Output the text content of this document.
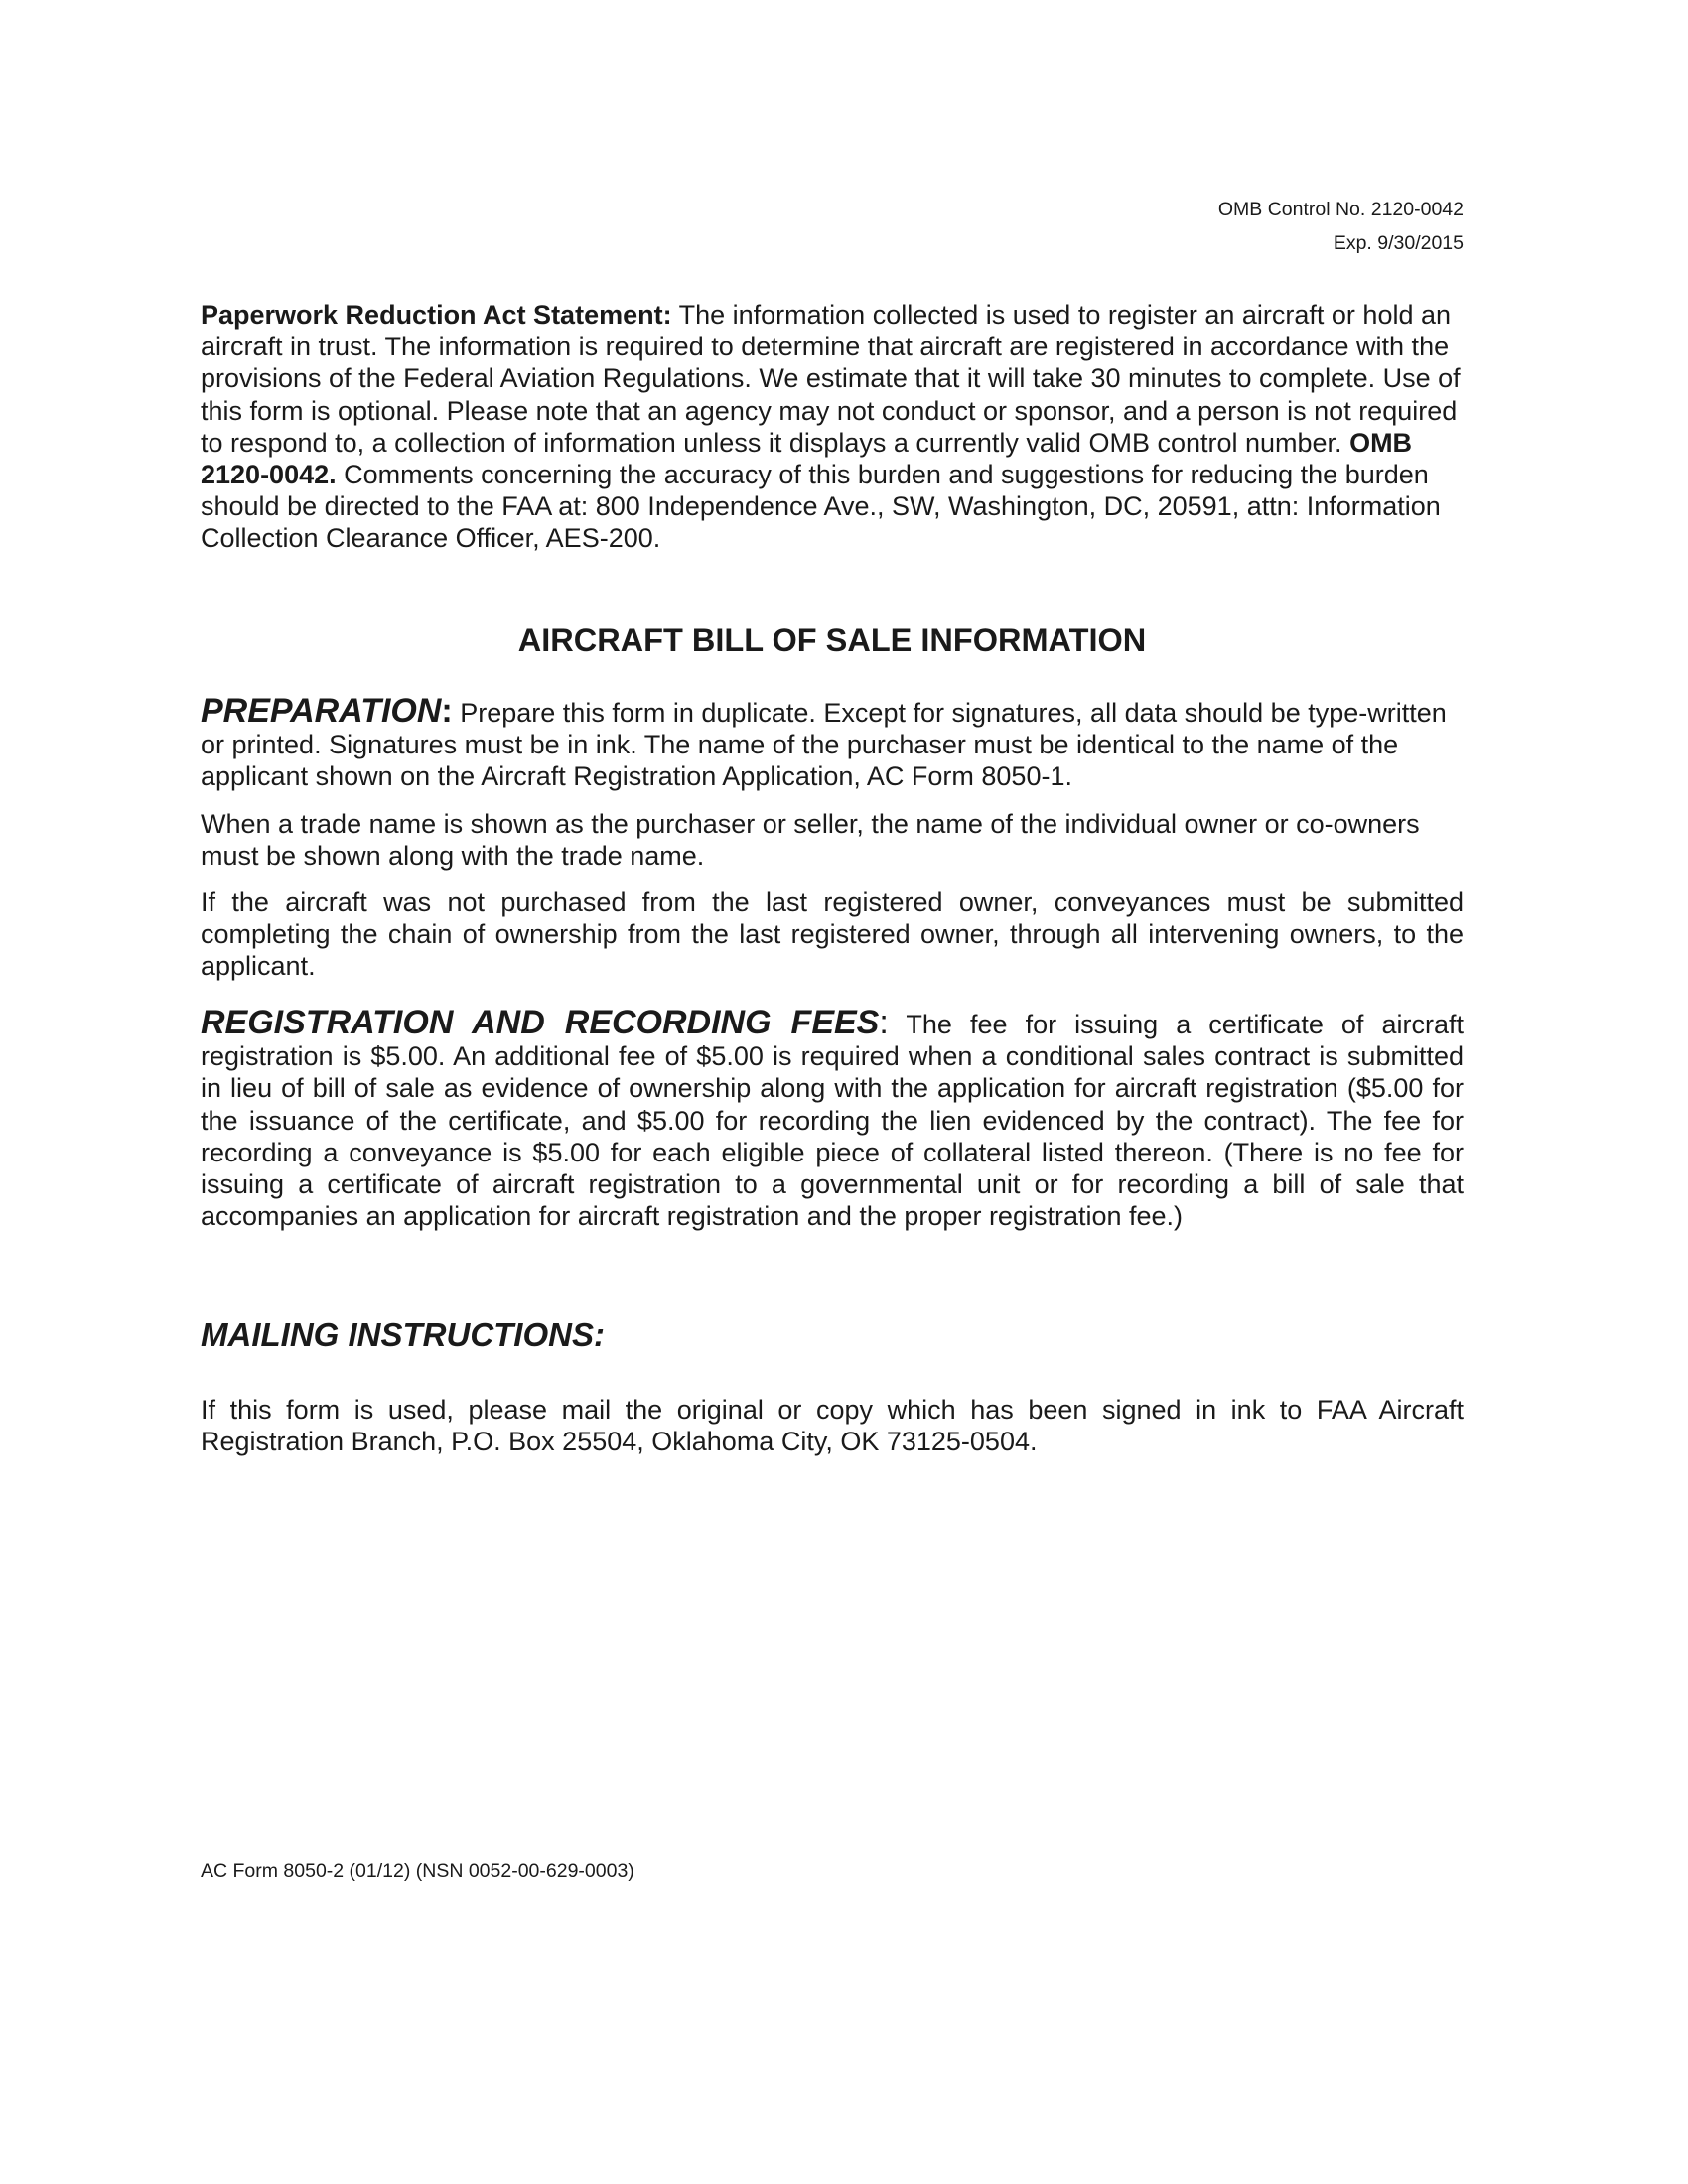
OMB Control No. 2120-0042
Exp. 9/30/2015

Paperwork Reduction Act Statement: The information collected is used to register an aircraft or hold an aircraft in trust. The information is required to determine that aircraft are registered in accordance with the provisions of the Federal Aviation Regulations. We estimate that it will take 30 minutes to complete. Use of this form is optional. Please note that an agency may not conduct or sponsor, and a person is not required to respond to, a collection of information unless it displays a currently valid OMB control number. OMB 2120-0042. Comments concerning the accuracy of this burden and suggestions for reducing the burden should be directed to the FAA at: 800 Independence Ave., SW, Washington, DC, 20591, attn: Information Collection Clearance Officer, AES-200.

AIRCRAFT BILL OF SALE INFORMATION

PREPARATION: Prepare this form in duplicate. Except for signatures, all data should be type-written or printed. Signatures must be in ink. The name of the purchaser must be identical to the name of the applicant shown on the Aircraft Registration Application, AC Form 8050-1.

When a trade name is shown as the purchaser or seller, the name of the individual owner or co-owners must be shown along with the trade name.

If the aircraft was not purchased from the last registered owner, conveyances must be submitted completing the chain of ownership from the last registered owner, through all intervening owners, to the applicant.

REGISTRATION AND RECORDING FEES: The fee for issuing a certificate of aircraft registration is $5.00. An additional fee of $5.00 is required when a conditional sales contract is submitted in lieu of bill of sale as evidence of ownership along with the application for aircraft registration ($5.00 for the issuance of the certificate, and $5.00 for recording the lien evidenced by the contract). The fee for recording a conveyance is $5.00 for each eligible piece of collateral listed thereon. (There is no fee for issuing a certificate of aircraft registration to a governmental unit or for recording a bill of sale that accompanies an application for aircraft registration and the proper registration fee.)

MAILING INSTRUCTIONS:

If this form is used, please mail the original or copy which has been signed in ink to FAA Aircraft Registration Branch, P.O. Box 25504, Oklahoma City, OK 73125-0504.

AC Form 8050-2 (01/12) (NSN 0052-00-629-0003)
